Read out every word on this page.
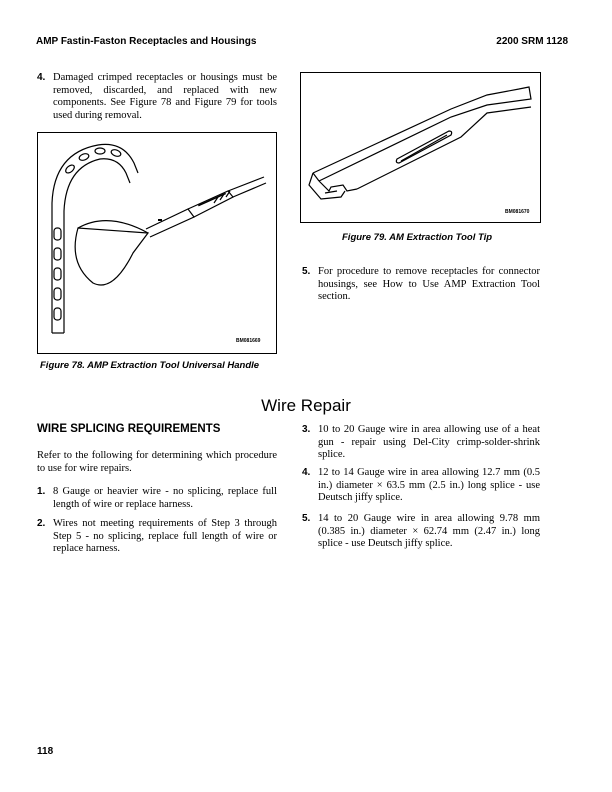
AMP Fastin-Faston Receptacles and Housings	2200 SRM 1128
4. Damaged crimped receptacles or housings must be removed, discarded, and replaced with new components. See Figure 78 and Figure 79 for tools used during removal.
BM081669
Figure 78. AMP Extraction Tool Universal Handle
BM081670
Figure 79. AM Extraction Tool Tip
5. For procedure to remove receptacles for connector housings, see How to Use AMP Extraction Tool section.
Wire Repair
WIRE SPLICING REQUIREMENTS
Refer to the following for determining which procedure to use for wire repairs.
1. 8 Gauge or heavier wire - no splicing, replace full length of wire or replace harness.
2. Wires not meeting requirements of Step 3 through Step 5 - no splicing, replace full length of wire or replace harness.
3. 10 to 20 Gauge wire in area allowing use of a heat gun - repair using Del-City crimp-solder-shrink splice.
4. 12 to 14 Gauge wire in area allowing 12.7 mm (0.5 in.) diameter × 63.5 mm (2.5 in.) long splice - use Deutsch jiffy splice.
5. 14 to 20 Gauge wire in area allowing 9.78 mm (0.385 in.) diameter × 62.74 mm (2.47 in.) long splice - use Deutsch jiffy splice.
118
